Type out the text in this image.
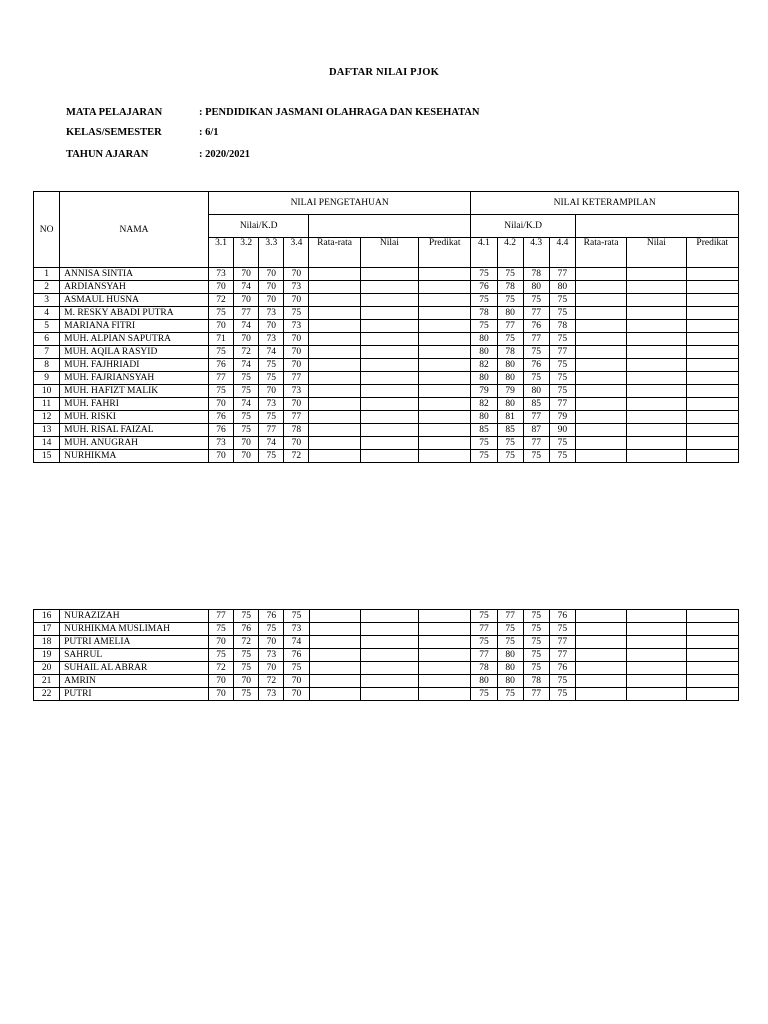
DAFTAR NILAI PJOK
MATA PELAJARAN	: PENDIDIKAN JASMANI OLAHRAGA DAN KESEHATAN
KELAS/SEMESTER	: 6/1
TAHUN AJARAN	: 2020/2021
NO	NAMA	NILAI PENGETAHUAN							NILAI KETERAMPILAN						
		Nilai/K.D							Nilai/K.D						
		3.1	3.2	3.3	3.4	Rata-rata	Nilai	Predikat	4.1	4.2	4.3	4.4	Rata-rata	Nilai	Predikat
1	ANNISA SINTIA	73	70	70	70				75	75	78	77			
2	ARDIANSYAH	70	74	70	73				76	78	80	80			
3	ASMAUL HUSNA	72	70	70	70				75	75	75	75			
4	M. RESKY ABADI PUTRA	75	77	73	75				78	80	77	75			
5	MARIANA FITRI	70	74	70	73				75	77	76	78			
6	MUH. ALPIAN SAPUTRA	71	70	73	70				80	75	77	75			
7	MUH. AQILA RASYID	75	72	74	70				80	78	75	77			
8	MUH. FAJHRIADI	76	74	75	70				82	80	76	75			
9	MUH. FAJRIANSYAH	77	75	75	77				80	80	75	75			
10	MUH. HAFIZT MALIK	75	75	70	73				79	79	80	75			
11	MUH. FAHRI	70	74	73	70				82	80	85	77			
12	MUH. RISKI	76	75	75	77				80	81	77	79			
13	MUH. RISAL FAIZAL	76	75	77	78				85	85	87	90			
14	MUH. ANUGRAH	73	70	74	70				75	75	77	75			
15	NURHIKMA	70	70	75	72				75	75	75	75			
16	NURAZIZAH	77	75	76	75				75	77	75	76			
17	NURHIKMA MUSLIMAH	75	76	75	73				77	75	75	75			
18	PUTRI AMELIA	70	72	70	74				75	75	75	77			
19	SAHRUL	75	75	73	76				77	80	75	77			
20	SUHAIL AL ABRAR	72	75	70	75				78	80	75	76			
21	AMRIN	70	70	72	70				80	80	78	75			
22	PUTRI	70	75	73	70				75	75	77	75			
